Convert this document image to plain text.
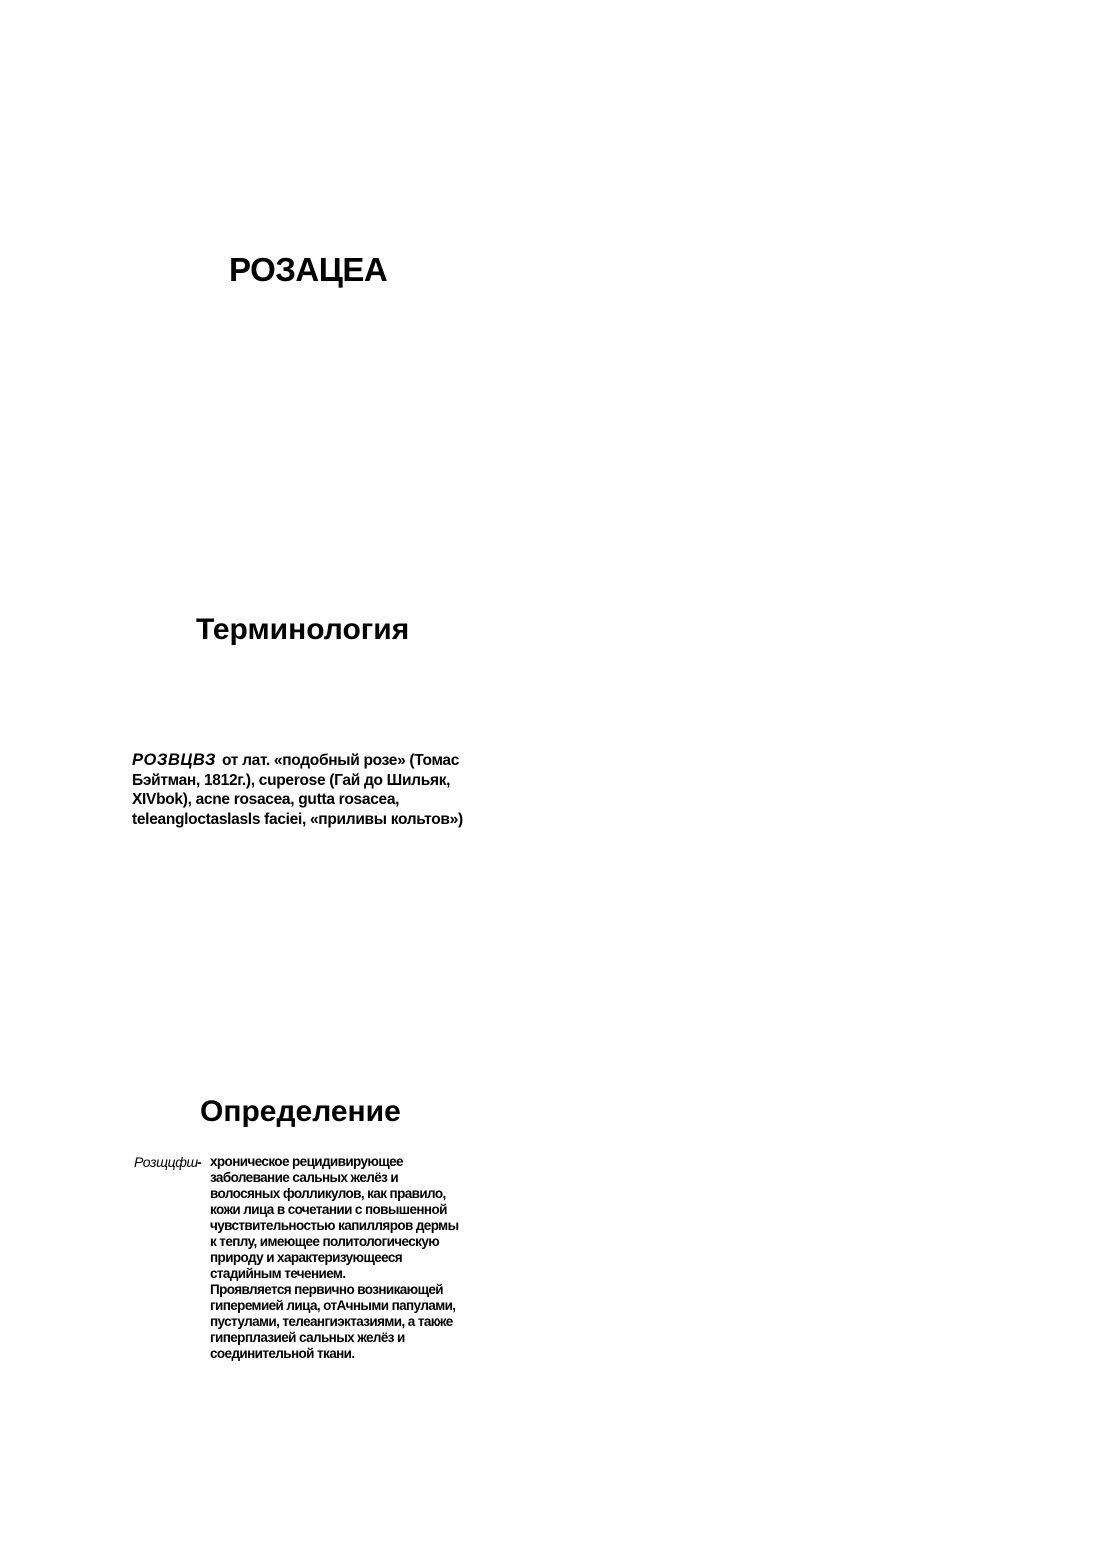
РОЗАЦЕА
Терминология

РОЗВЦВЗ от лат. «подобный розе» (Томас Бэйтман, 1812г.), cuperose (Гай до Шильяк, XIVbok), acne rosacea, gutta rosacea, teleangloctaslasls faciei, «приливы кольтов»)

Определение
Розщцфш - хроническое рецидивирующее
заболевание сальных желёз и
волосяных фолликулов, как правило,
кожи лица в сочетании с повышенной
чувствительностью капилляров дермы
к теплу, имеющее политологическую
природу и характеризующееся
стадийным течением.
Проявляется первично возникающей
гиперемией лица, отАчными папулами,
пустулами, телеангиэктазиями, а также
гиперплазией сальных желёз и
соединительной ткани.
